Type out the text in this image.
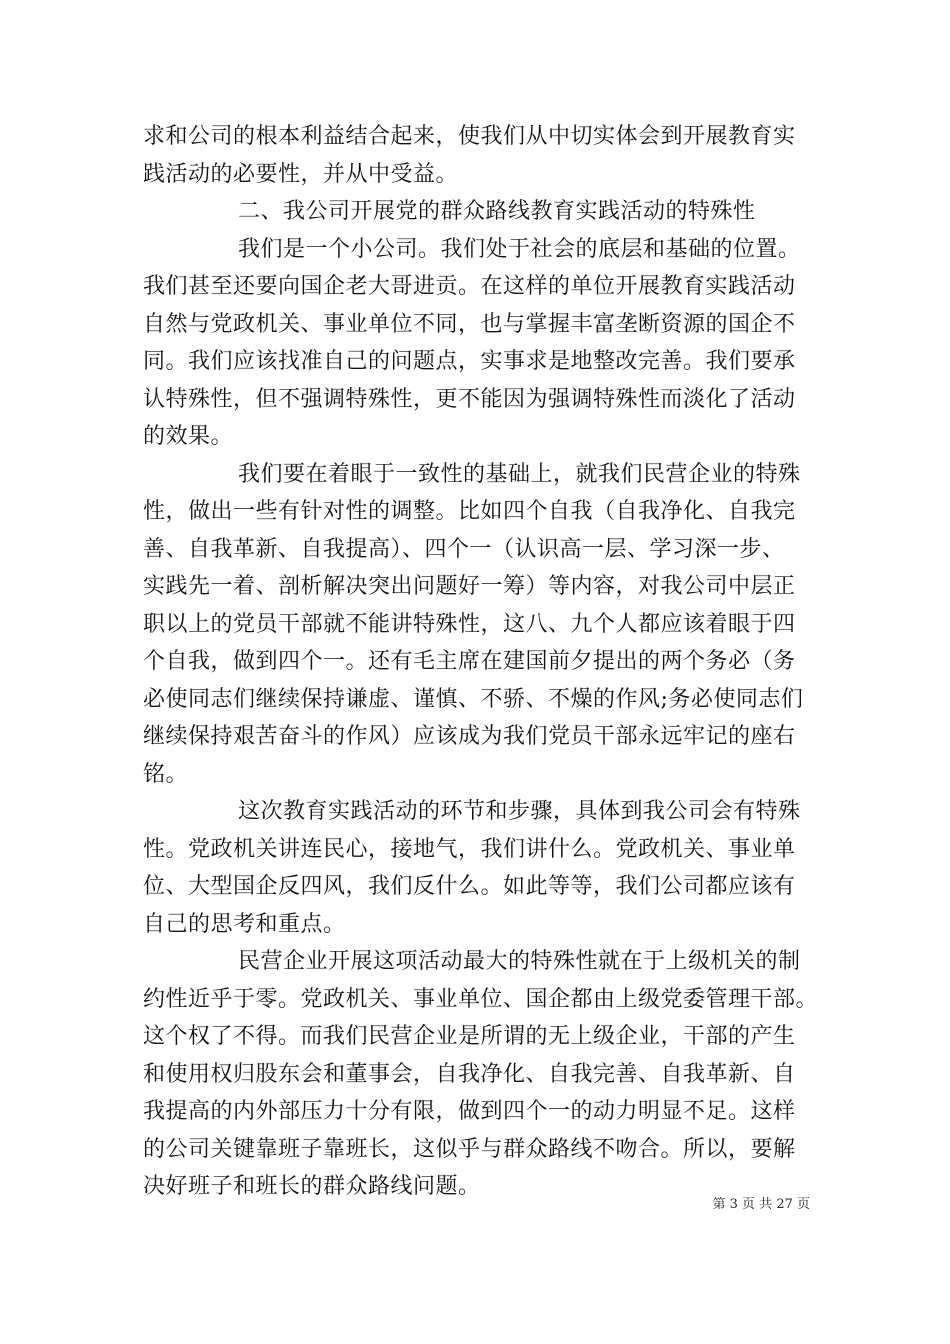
求和公司的根本利益结合起来，使我们从中切实体会到开展教育实
践活动的必要性，并从中受益。
二、我公司开展党的群众路线教育实践活动的特殊性
我们是一个小公司。我们处于社会的底层和基础的位置。
我们甚至还要向国企老大哥进贡。在这样的单位开展教育实践活动
自然与党政机关、事业单位不同，也与掌握丰富垄断资源的国企不
同。我们应该找准自己的问题点，实事求是地整改完善。我们要承
认特殊性，但不强调特殊性，更不能因为强调特殊性而淡化了活动
的效果。
我们要在着眼于一致性的基础上，就我们民营企业的特殊
性，做出一些有针对性的调整。比如四个自我（自我净化、自我完
善、自我革新、自我提高）、四个一（认识高一层、学习深一步、
实践先一着、剖析解决突出问题好一筹）等内容，对我公司中层正
职以上的党员干部就不能讲特殊性，这八、九个人都应该着眼于四
个自我，做到四个一。还有毛主席在建国前夕提出的两个务必（务
必使同志们继续保持谦虚、谨慎、不骄、不燥的作风;务必使同志们
继续保持艰苦奋斗的作风）应该成为我们党员干部永远牢记的座右
铭。
这次教育实践活动的环节和步骤，具体到我公司会有特殊
性。党政机关讲连民心，接地气，我们讲什么。党政机关、事业单
位、大型国企反四风，我们反什么。如此等等，我们公司都应该有
自己的思考和重点。
民营企业开展这项活动最大的特殊性就在于上级机关的制
约性近乎于零。党政机关、事业单位、国企都由上级党委管理干部。
这个权了不得。而我们民营企业是所谓的无上级企业，干部的产生
和使用权归股东会和董事会，自我净化、自我完善、自我革新、自
我提高的内外部压力十分有限，做到四个一的动力明显不足。这样
的公司关键靠班子靠班长，这似乎与群众路线不吻合。所以，要解
决好班子和班长的群众路线问题。
第 3 页 共 27 页
